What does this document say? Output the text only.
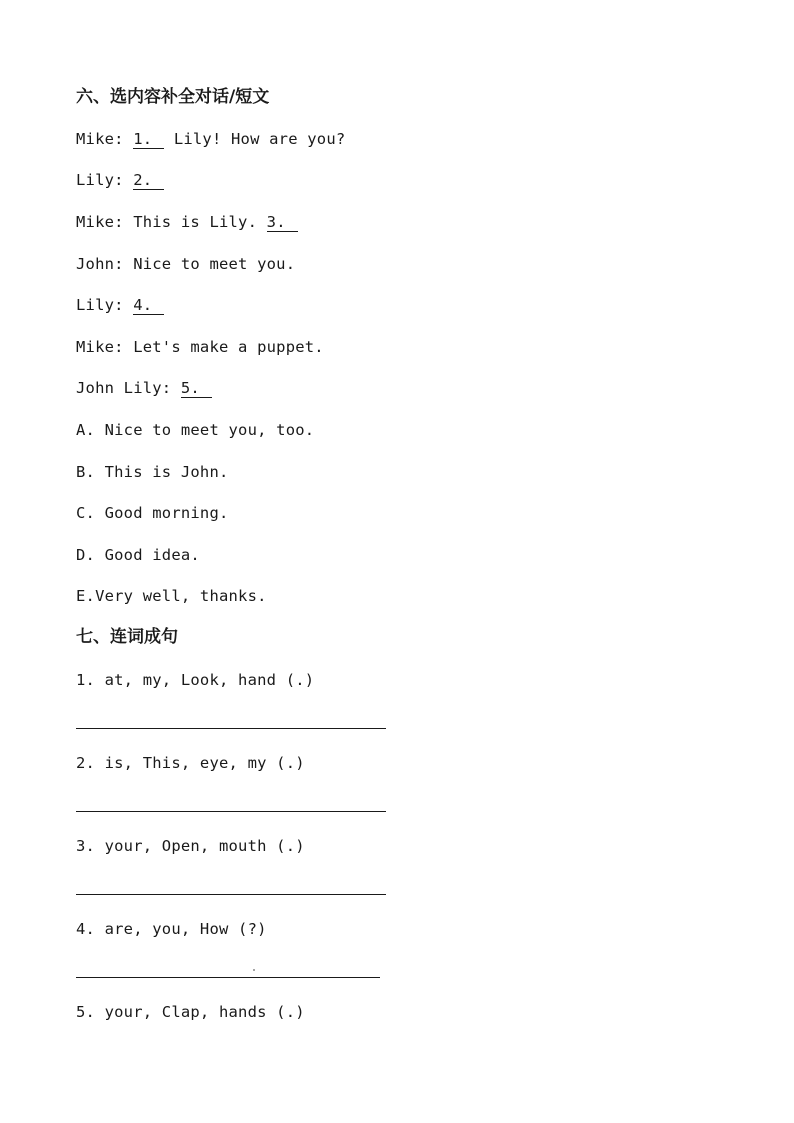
六、选内容补全对话/短文
Mike: 1. Lily! How are you?
Lily: 2.
Mike: This is Lily. 3.
John: Nice to meet you.
Lily: 4.
Mike: Let's make a puppet.
John Lily: 5.
A. Nice to meet you, too.
B. This is John.
C. Good morning.
D. Good idea.
E.Very well, thanks.
七、连词成句
1. at, my, Look, hand (.)
2. is, This, eye, my (.)
3. your, Open, mouth (.)
4. are, you, How (?)
5. your, Clap, hands (.)
